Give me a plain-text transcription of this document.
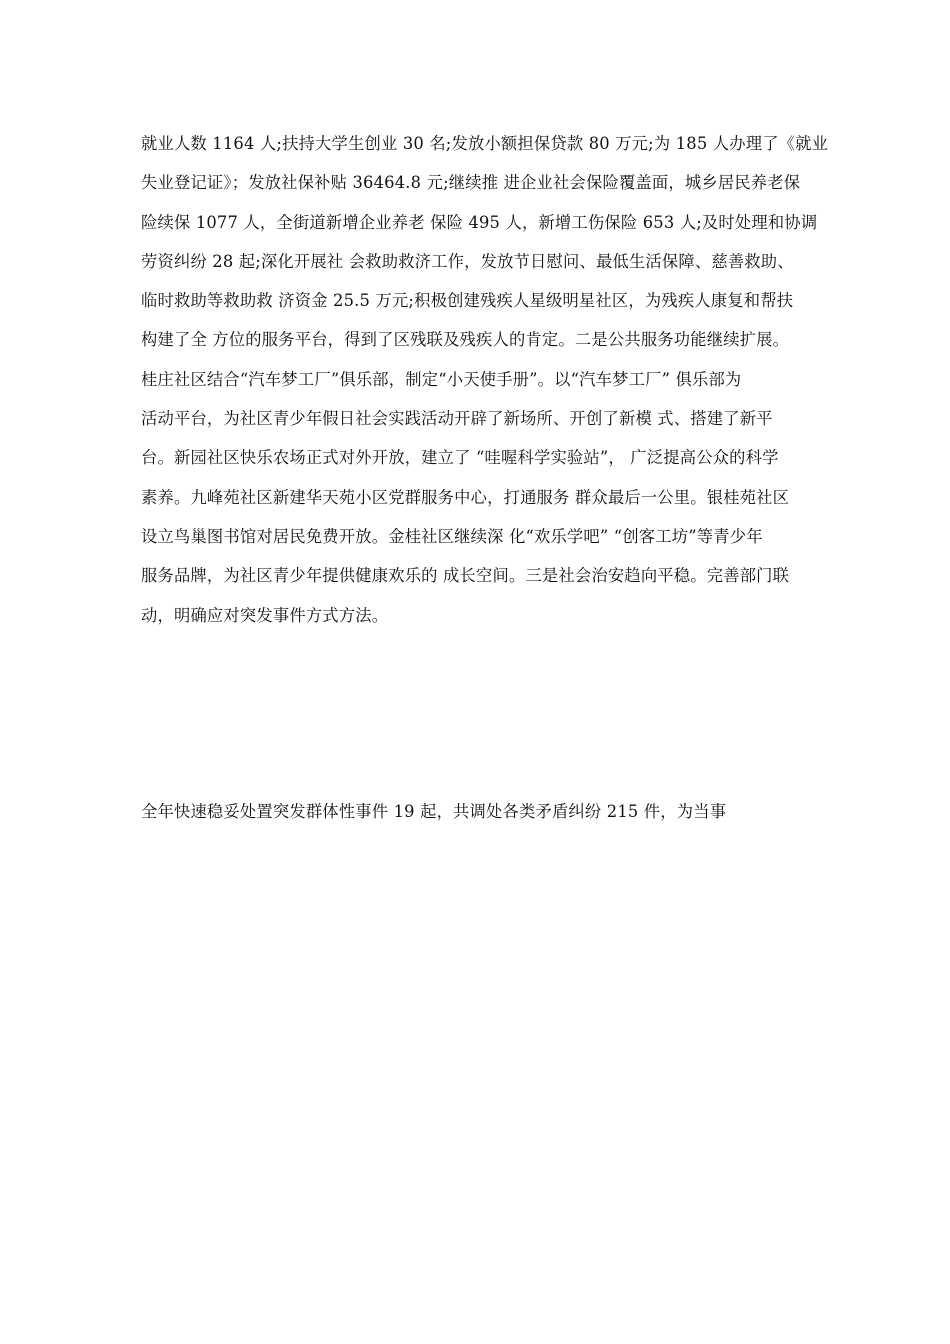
就业人数 1164 人;扶持大学生创业 30 名;发放小额担保贷款 80 万元;为 185 人办理了《就业
失业登记证》；发放社保补贴 36464.8 元;继续推 进企业社会保险覆盖面，城乡居民养老保
险续保 1077 人，全街道新增企业养老 保险 495 人，新增工伤保险 653 人;及时处理和协调
劳资纠纷 28 起;深化开展社 会救助救济工作，发放节日慰问、最低生活保障、慈善救助、
临时救助等救助救 济资金 25.5 万元;积极创建残疾人星级明星社区，为残疾人康复和帮扶
构建了全 方位的服务平台，得到了区残联及残疾人的肯定。二是公共服务功能继续扩展。
桂庄社区结合“汽车梦工厂”俱乐部，制定“小天使手册”。以“汽车梦工厂” 俱乐部为
活动平台，为社区青少年假日社会实践活动开辟了新场所、开创了新模 式、搭建了新平
台。新园社区快乐农场正式对外开放，建立了 “哇喔科学实验站”， 广泛提高公众的科学
素养。九峰苑社区新建华天苑小区党群服务中心，打通服务 群众最后一公里。银桂苑社区
设立鸟巢图书馆对居民免费开放。金桂社区继续深 化“欢乐学吧” “创客工坊”等青少年
服务品牌，为社区青少年提供健康欢乐的 成长空间。三是社会治安趋向平稳。完善部门联
动，明确应对突发事件方式方法。
全年快速稳妥处置突发群体性事件 19 起，共调处各类矛盾纠纷 215 件，为当事
